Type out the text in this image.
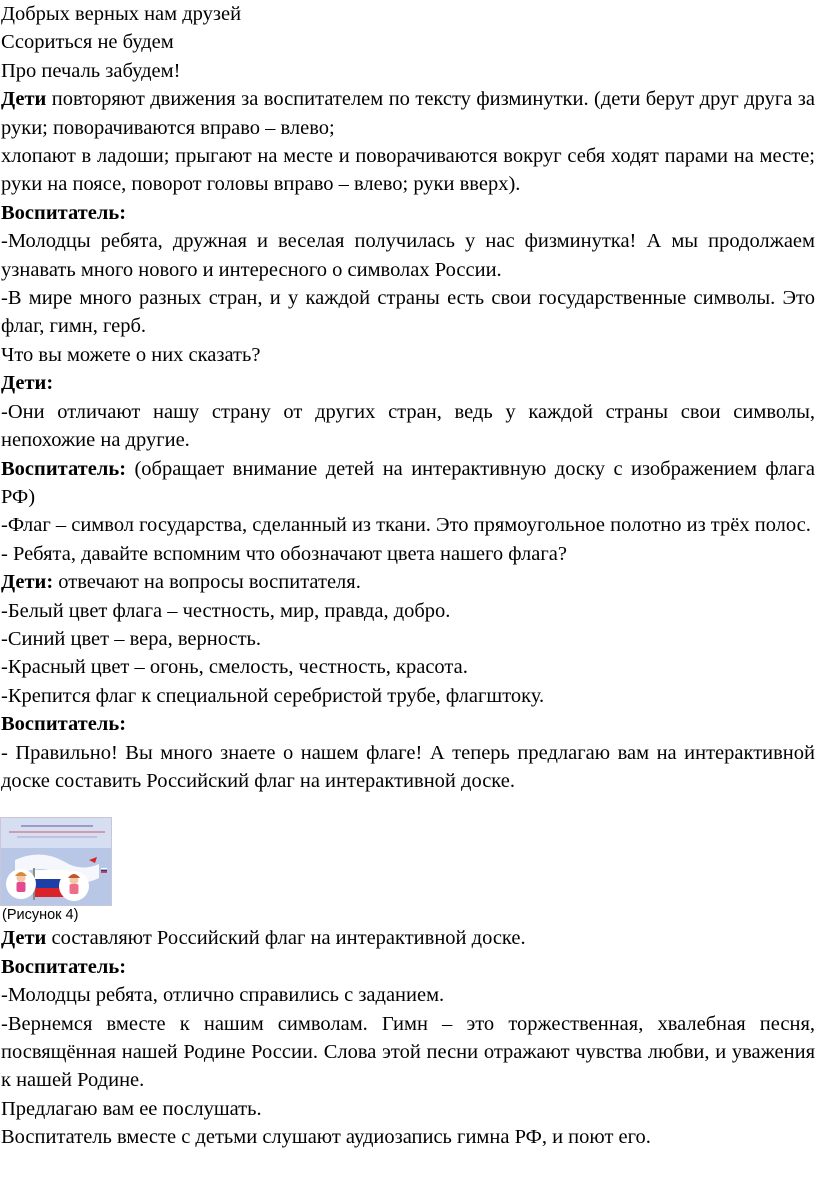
Добрых верных нам друзей

Ссориться не будем

Про печаль забудем!

Дети повторяют движения за воспитателем по тексту физминутки. (дети берут друг друга за руки; поворачиваются вправо – влево;

хлопают в ладоши; прыгают на месте и поворачиваются вокруг себя ходят парами на месте; руки на поясе, поворот головы вправо – влево; руки вверх).

Воспитатель:

-Молодцы ребята, дружная и веселая получилась у нас физминутка! А мы продолжаем узнавать много нового и интересного о символах России.

-В мире много разных стран, и у каждой страны есть свои государственные символы. Это флаг, гимн, герб.

Что вы можете о них сказать?

Дети:

-Они отличают нашу страну от других стран, ведь у каждой страны свои символы, непохожие на другие.

Воспитатель: (обращает внимание детей на интерактивную доску с изображением флага РФ)

-Флаг – символ государства, сделанный из ткани. Это прямоугольное полотно из трёх полос.

- Ребята, давайте вспомним что обозначают цвета нашего флага?

Дети: отвечают на вопросы воспитателя.

-Белый цвет флага – честность, мир, правда, добро.

-Синий цвет – вера, верность.

-Красный цвет – огонь, смелость, честность, красота.

-Крепится флаг к специальной серебристой трубе, флагштоку.

Воспитатель:

- Правильно! Вы много знаете о нашем флаге! А теперь предлагаю вам на интерактивной доске составить Российский флаг на интерактивной доске.

(Рисунок 4)

Дети составляют Российский флаг на интерактивной доске.

Воспитатель:

-Молодцы ребята, отлично справились с заданием.

-Вернемся вместе к нашим символам. Гимн – это торжественная, хвалебная песня, посвящённая нашей Родине России. Слова этой песни отражают чувства любви, и уважения к нашей Родине.

Предлагаю вам ее послушать.

Воспитатель вместе с детьми слушают аудиозапись гимна РФ, и поют его.
